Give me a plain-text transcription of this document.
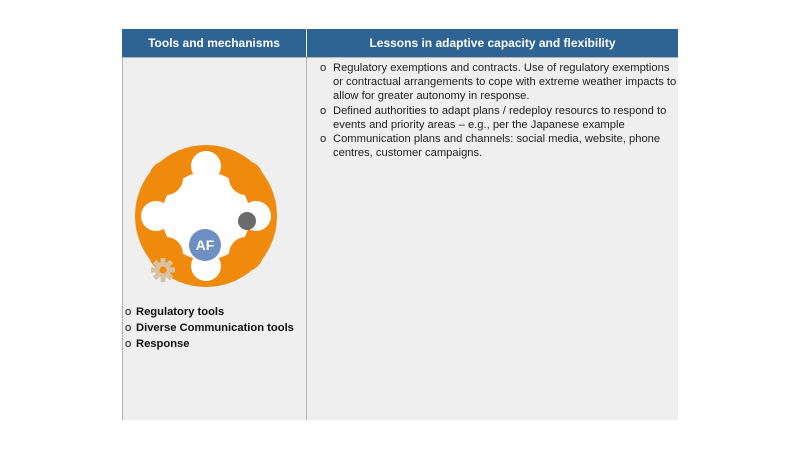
Tools and mechanisms	Lessons in adaptive capacity and flexibility
o Regulatory exemptions and contracts. Use of regulatory exemptions or contractual arrangements to cope with extreme weather impacts to allow for greater autonomy in response.
o Defined authorities to adapt plans / redeploy resourcs to respond to events and priority areas – e.g., per the Japanese example
o Communication plans and channels: social media, website, phone centres, customer campaigns.
AF
o Regulatory tools
o Diverse Communication tools
o Response
